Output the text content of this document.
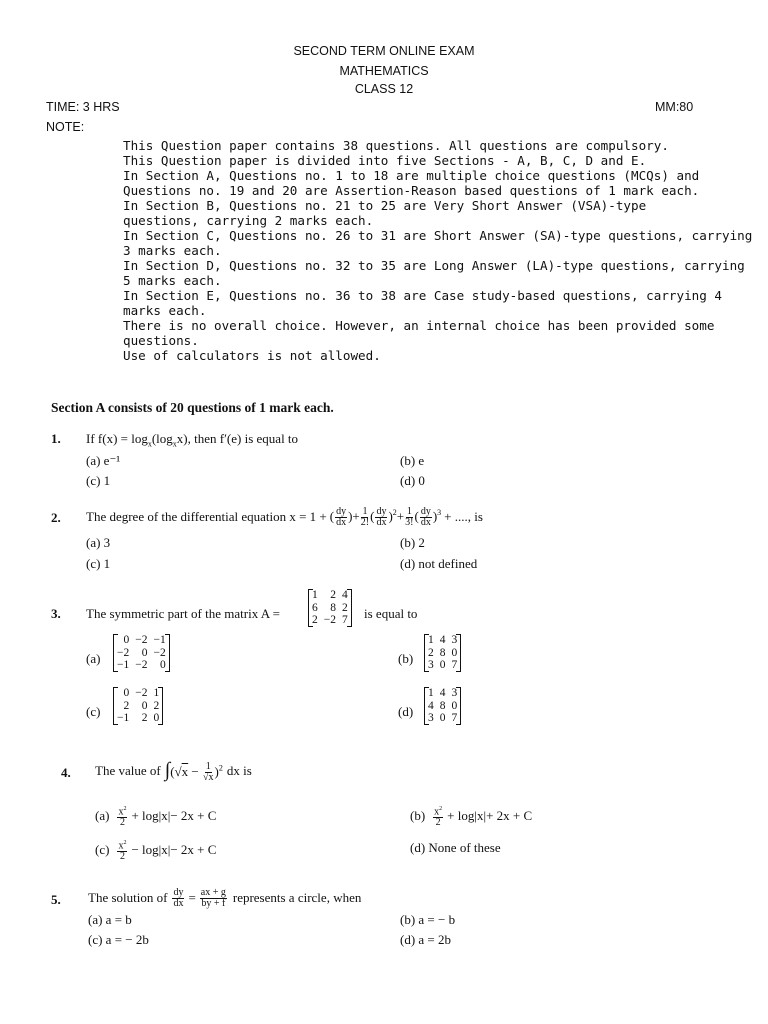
SECOND TERM ONLINE EXAM
MATHEMATICS
CLASS 12
TIME: 3 HRS	MM:80
NOTE:
This Question paper contains 38 questions. All questions are compulsory.
This Question paper is divided into five Sections - A, B, C, D and E.
In Section A, Questions no. 1 to 18 are multiple choice questions (MCQs) and
Questions no. 19 and 20 are Assertion-Reason based questions of 1 mark each.
In Section B, Questions no. 21 to 25 are Very Short Answer (VSA)-type
questions, carrying 2 marks each.
In Section C, Questions no. 26 to 31 are Short Answer (SA)-type questions, carrying
3 marks each.
In Section D, Questions no. 32 to 35 are Long Answer (LA)-type questions, carrying
5 marks each.
In Section E, Questions no. 36 to 38 are Case study-based questions, carrying 4
marks each.
There is no overall choice. However, an internal choice has been provided some
questions.
Use of calculators is not allowed.
Section A consists of 20 questions of 1 mark each.
1. If $f(x) = \log_x(\log_xx)$, then f′(e) is equal to
(a) e⁻¹	(b) e
(c) 1	(d) 0
2. The degree of the differential equation x = 1 + ( $\frac{dy}{dx}$ )+ $\frac{1}{2!}$ ( $\frac{dy}{dx} )^2+ \frac{1}{3!}$ ( $\frac{dy}{dx} )^3$ + ...., is
(a) 3	(b) 2
(c) 1	(d) not defined
3. The symmetric part of the matrix A =
1	2	4
6	8	2
2	−2	7 is equal to
(a)
0	−2	−1
−2	0	−2
−1	−2	0	(b)
1	4	3
2	8	0
3	0	7
(c)
0	−2	1
2	0	2
−1	2	0	(d)
1	4	3
4	8	0
3	0	7
4. The value of $\int(√x - \frac{1}{√x} )^2$ dx is
$(a) \frac{x^2}{2} + \log|x|- 2x + C$	$(b) \frac{x^2}{2} + \log|x|+ 2x + C$
$(c) \frac{x^2}{2} - \log|x|- 2x + C$	(d) None of these
5. The solution of $\frac{dy}{dx} = \frac{ax + g}{by + f}$ represents a circle, when
(a) a = b	(b) a = − b
(c) a = − 2b	(d) a = 2b
